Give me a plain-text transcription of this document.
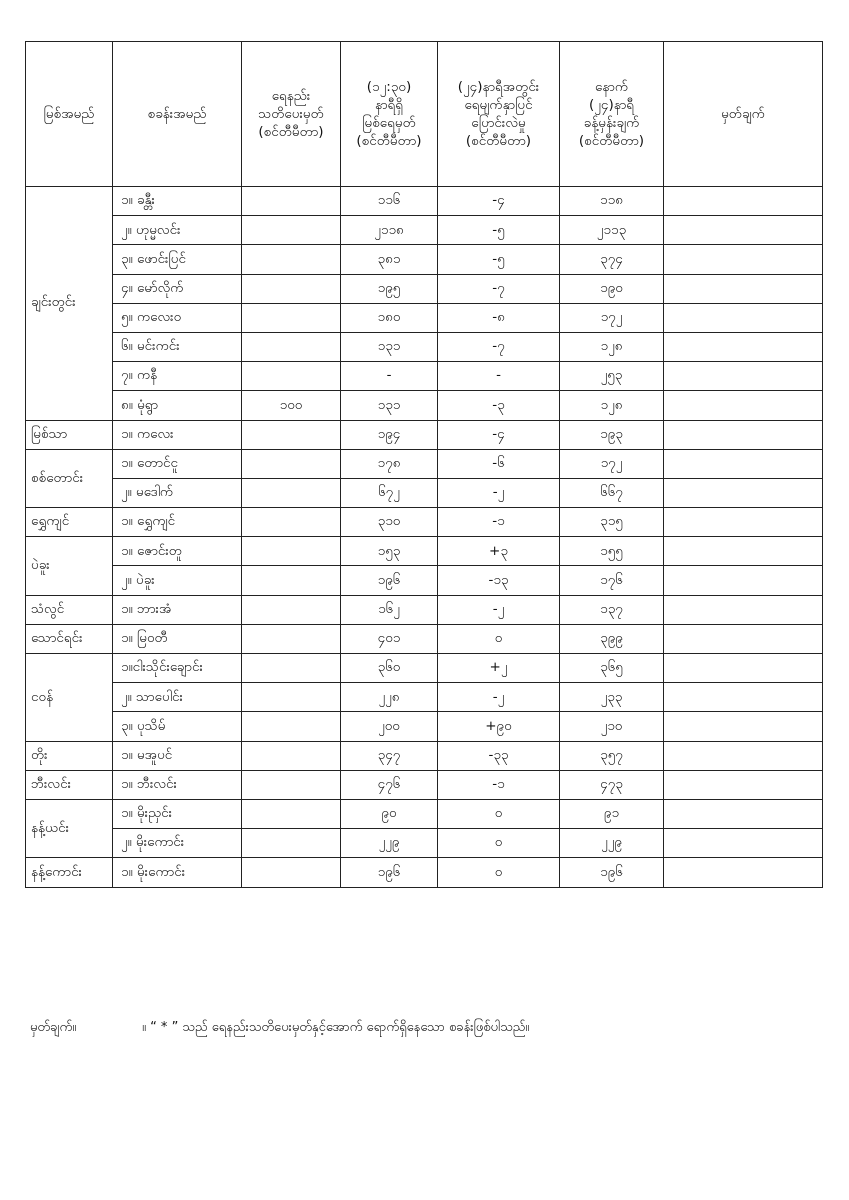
မြစ်အမည်	စခန်းအမည်	ရေနည်း
သတိပေးမှတ်
(စင်တီမီတာ)	(၁၂:၃၀)
နာရီရှိ
မြစ်ရေမှတ်
(စင်တီမီတာ)	(၂၄)နာရီအတွင်း
ရေမျက်နှာပြင်
ပြောင်းလဲမှု
(စင်တီမီတာ)	နောက်
(၂၄)နာရီ
ခန့်မှန်းချက်
(စင်တီမီတာ)	မှတ်ချက်

ချင်းတွင်း	၁။ ခန္တီး		၁၁၆	-၄	၁၁၈	
	၂။ ဟုမ္မလင်း		၂၁၁၈	-၅	၂၁၁၃	
	၃။ ဖောင်းပြင်		၃၈၁	-၅	၃၇၄	
	၄။ မော်လိုက်		၁၉၅	-၇	၁၉၀	
	၅။ ကလေးဝ		၁၈၀	-၈	၁၇၂	
	၆။ မင်းကင်း		၁၃၁	-၇	၁၂၈	
	၇။ ကနီ		-	-	၂၅၃	
	၈။ မုံရွာ	၁၀၀	၁၃၁	-၃	၁၂၈	
မြစ်သာ	၁။ ကလေး		၁၉၄	-၄	၁၉၃	
စစ်တောင်း	၁။ တောင်ငူ		၁၇၈	-၆	၁၇၂	
	၂။ မဒေါက်		၆၇၂	-၂	၆၆၇	
ရွှေကျင်	၁။ ရွှေကျင်		၃၁၀	-၁	၃၁၅	
ပဲခူး	၁။ ဇောင်းတူ		၁၅၃	+၃	၁၅၅	
	၂။ ပဲခူး		၁၉၆	-၁၃	၁၇၆	
သံလွင်	၁။ ဘားအံ		၁၆၂	-၂	၁၃၇	
သောင်ရင်း	၁။ မြဝတီ		၄၀၁	၀	၃၉၉	
ငဝန်	၁။ငါးသိုင်းချောင်း		၃၆၀	+၂	၃၆၅	
	၂။ သာပေါင်း		၂၂၈	-၂	၂၃၃	
	၃။ ပုသိမ်		၂၀၀	+၉၀	၂၁၀	
တိုး	၁။ မအူပင်		၃၄၇	-၃၃	၃၅၇	
ဘီးလင်း	၁။ ဘီးလင်း		၄၇၆	-၁	၄၇၃	
နန့်ယင်း	၁။ မိုးညှင်း		၉၀	၀	၉၁	
	၂။ မိုးကောင်း		၂၂၉	၀	၂၂၉	
နန့်ကောင်း	၁။ မိုးကောင်း		၁၉၆	၀	၁၉၆	
မှတ်ချက်။	။ “ * ” သည် ရေနည်းသတိပေးမှတ်နှင့်အောက် ရောက်ရှိနေသော စခန်းဖြစ်ပါသည်။
